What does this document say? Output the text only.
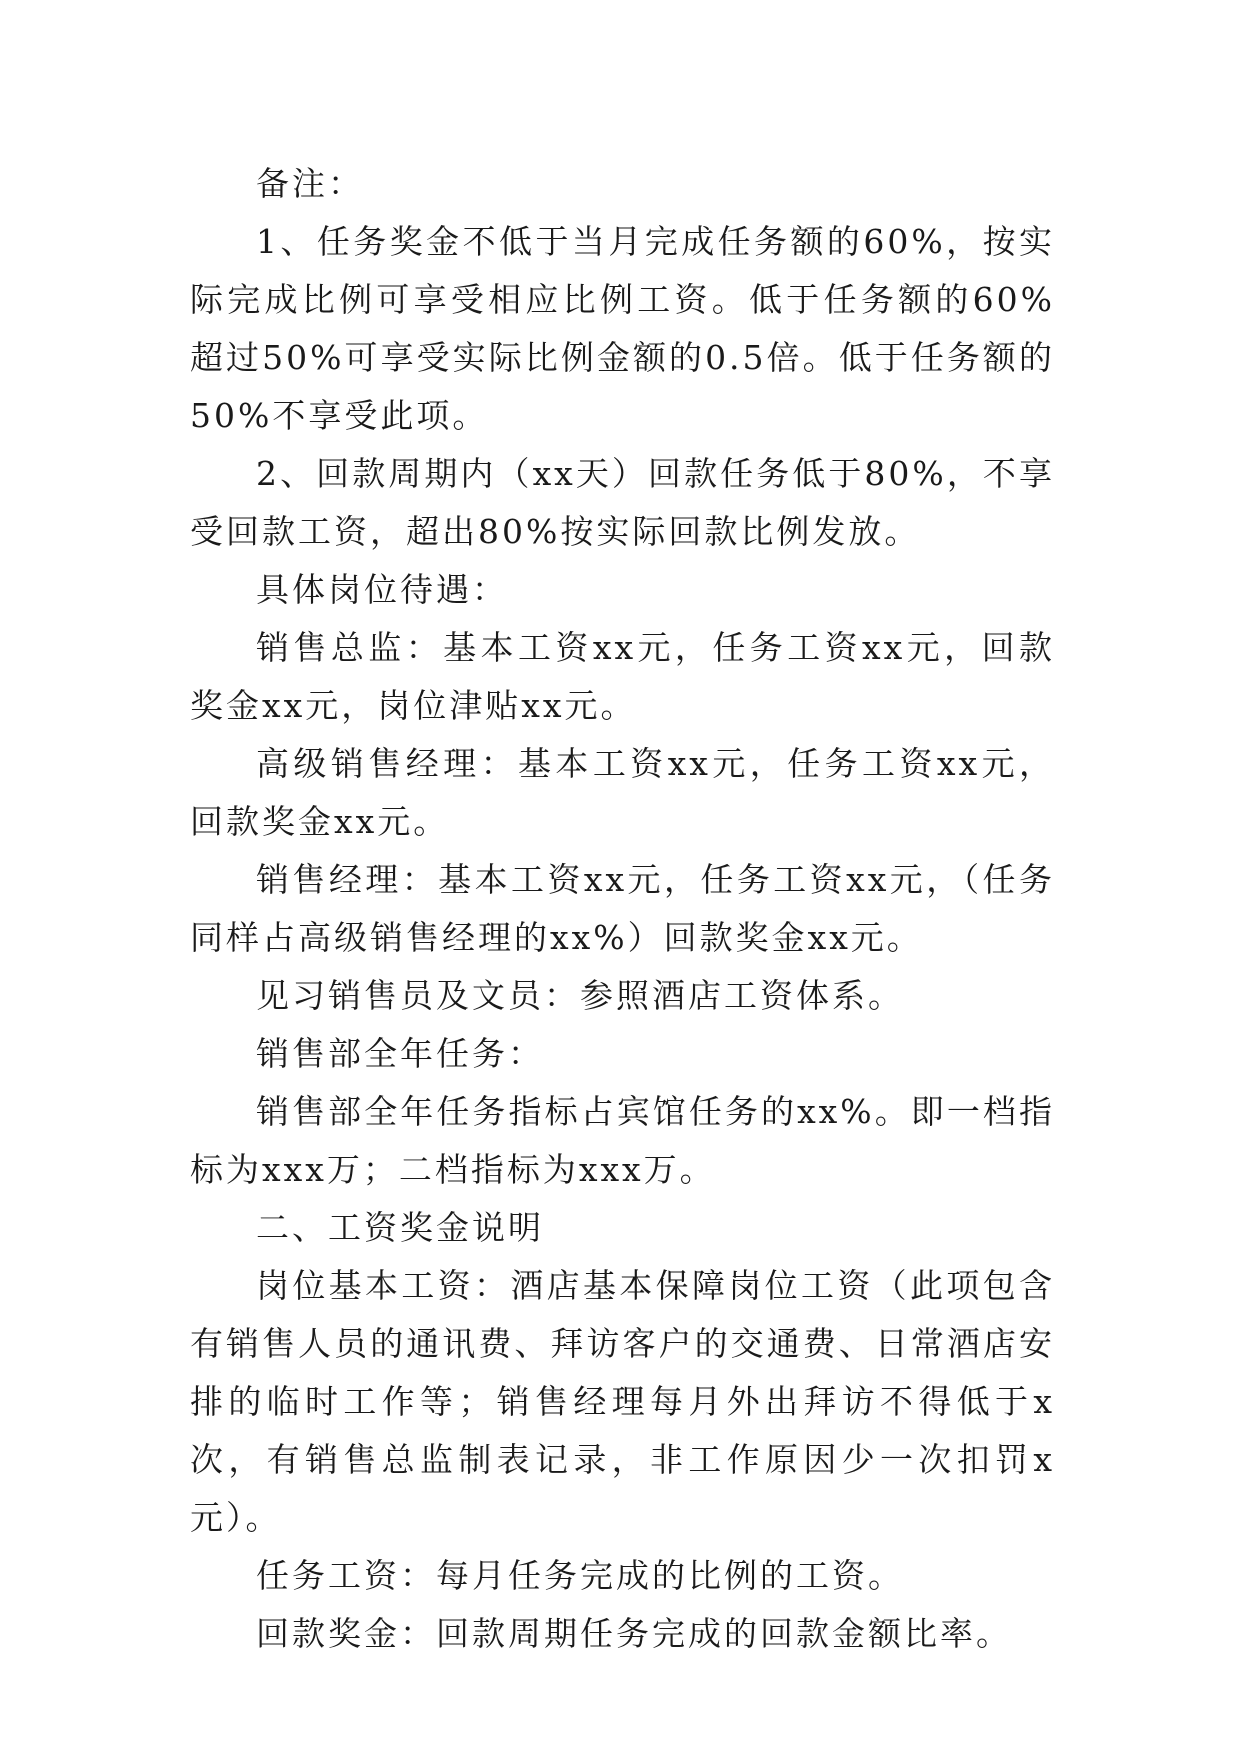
备注：

1、任务奖金不低于当月完成任务额的60%，按实际完成比例可享受相应比例工资。低于任务额的60%超过50%可享受实际比例金额的0.5倍。低于任务额的50%不享受此项。

2、回款周期内（xx天）回款任务低于80%，不享受回款工资，超出80%按实际回款比例发放。

具体岗位待遇：

销售总监：基本工资xx元，任务工资xx元，回款奖金xx元，岗位津贴xx元。

高级销售经理：基本工资xx元，任务工资xx元，回款奖金xx元。

销售经理：基本工资xx元，任务工资xx元，（任务同样占高级销售经理的xx%）回款奖金xx元。

见习销售员及文员：参照酒店工资体系。

销售部全年任务：

销售部全年任务指标占宾馆任务的xx%。即一档指标为xxx万；二档指标为xxx万。

二、工资奖金说明

岗位基本工资：酒店基本保障岗位工资（此项包含有销售人员的通讯费、拜访客户的交通费、日常酒店安排的临时工作等；销售经理每月外出拜访不得低于x次，有销售总监制表记录，非工作原因少一次扣罚x元）。

任务工资：每月任务完成的比例的工资。

回款奖金：回款周期任务完成的回款金额比率。
